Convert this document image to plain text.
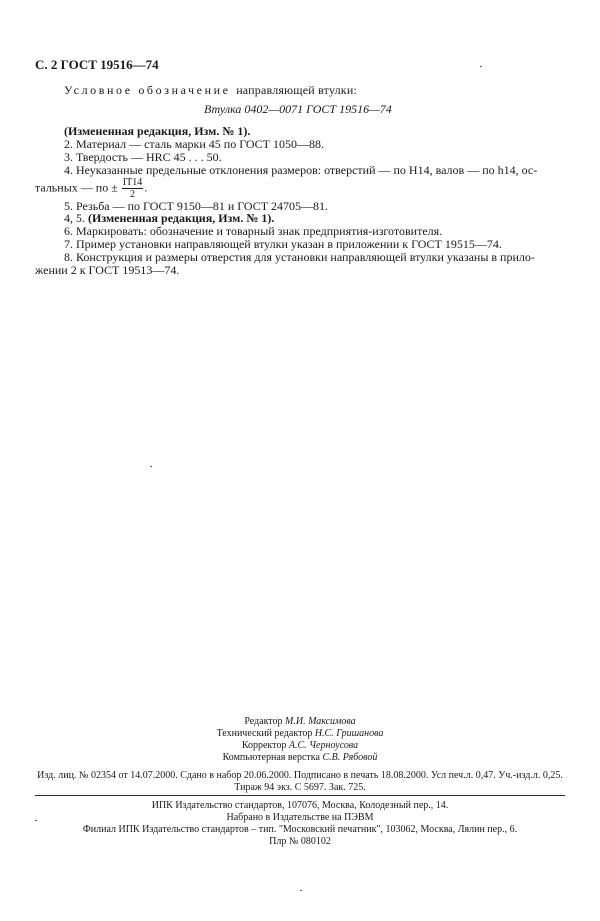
С. 2 ГОСТ 19516—74
Условное обозначение направляющей втулки:
Втулка 0402—0071 ГОСТ 19516—74
(Измененная редакция, Изм. № 1).
2. Материал — сталь марки 45 по ГОСТ 1050—88.
3. Твердость — HRC 45 . . . 50.
4. Неуказанные предельные отклонения размеров: отверстий — по H14, валов — по h14, ос-
тальных — по ± $\frac{IT14}{2}$ .
5. Резьба — по ГОСТ 9150—81 и ГОСТ 24705—81.
4, 5. (Измененная редакция, Изм. № 1).
6. Маркировать: обозначение и товарный знак предприятия-изготовителя.
7. Пример установки направляющей втулки указан в приложении к ГОСТ 19515—74.
8. Конструкция и размеры отверстия для установки направляющей втулки указаны в прило-
жении 2 к ГОСТ 19513—74.
Редактор М.И. Максимова
Технический редактор Н.С. Гришанова
Корректор А.С. Черноусова
Компьютерная верстка С.В. Рябовой
Изд. лиц. № 02354 от 14.07.2000. Сдано в набор 20.06.2000. Подписано в печать 18.08.2000. Усл печ.л. 0,47. Уч.-изд.л. 0,25.
Тираж 94 экз. С 5697. Зак. 725.
ИПК Издательство стандартов, 107076, Москва, Колодезный пер., 14.
Набрано в Издательстве на ПЭВМ
Филиал ИПК Издательство стандартов – тип. "Московский печатник", 103062, Москва, Лялин пер., 6.
Плр № 080102
